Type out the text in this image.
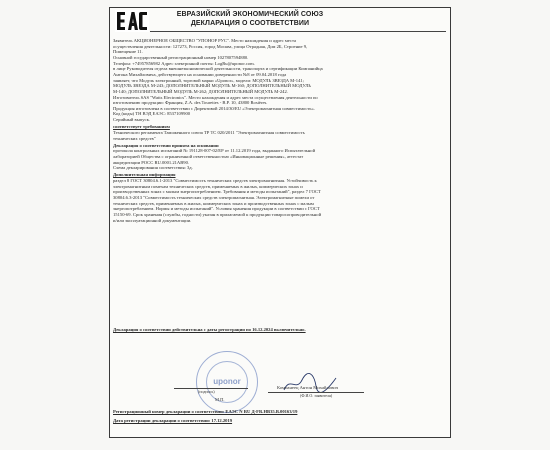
ЕВРАЗИЙСКИЙ ЭКОНОМИЧЕСКИЙ СОЮЗ
ДЕКЛАРАЦИЯ О СООТВЕТСТВИИ
Заявитель АКЦИОНЕРНОЕ ОБЩЕСТВО "УПОНОР РУС". Место нахождения и адрес места
осуществления деятельности: 127273, Россия, город Москва, улица Отрадная, Дом 2Б, Строение 9,
Помещение 11.
Основной государственный регистрационный номер 1027807594880.
Телефон: +74957856982 Адрес электронной почты: LogRu@uponor.com.
в лице Руководителя отдела внешнеэкономической деятельности, транспорта и сертификации Компанийца
Антона Михайловича, действующего на основании доверенности №8 от 09.04.2018 года
заявляет, что Модуль электронный, торговой марки «Uponor», модели: МОДУЛЬ ЗВЕЗДА М-141;
МОДУЛЬ ЗВЕЗДА М-243; ДОПОЛНИТЕЛЬНЫЙ МОДУЛЬ М-160; ДОПОЛНИТЕЛЬНЫЙ МОДУЛЬ
М-140; ДОПОЛНИТЕЛЬНЫЙ МОДУЛЬ М-262; ДОПОЛНИТЕЛЬНЫЙ МОДУЛЬ М-242.
Изготовитель SAS "Watts Electronics". Место нахождения и адрес места осуществления деятельности по
изготовлению продукции: Франция, Z.A. des Tourettes - B.P. 10, 43800 Rosières.
Продукция изготовлена в соответствии с Директивой 2014/30/EU «Электромагнитная совместимость».
Код (коды) ТН ВЭД ЕАЭС: 8537109900
Серийный выпуск.
соответствует требованиям
Технического регламента Таможенного союза ТР ТС 020/2011 "Электромагнитная совместимость
технических средств"
Декларация о соответствии принята на основании
протокола контрольных испытаний № 191128-007-02/ЕР от 11.12.2019 года, выданного Испытательной
лабораторией Общества с ограниченной ответственностью «Инновационные решения», аттестат
аккредитации РОСС RU.0001.21АВ90.
Схема декларирования соответствия: 3д.
Дополнительная информация
раздел 8 ГОСТ 30804.6.1-2013 "Совместимость технических средств электромагнитная. Устойчивость к
электромагнитным помехам технических средств, применяемых в жилых, коммерческих зонах и
производственных зонах с малым энергопотреблением. Требования и методы испытаний", раздел 7 ГОСТ
30804.6.3-2013 "Совместимость технических средств электромагнитная. Электромагнитные помехи от
технических средств, применяемых в жилых, коммерческих зонах и производственных зонах с малым
энергопотреблением. Нормы и методы испытаний". Условия хранения продукции в соответствии с ГОСТ
15150-69. Срок хранения (службы, годности) указан в прилагаемой к продукции товаросопроводительной
и/или эксплуатационной документации.
Декларация о соответствии действительна с даты регистрации по 16.12.2024 включительно.
uponor
(подпись)
М.П.
Компанеец Антон Михайлович
(Ф.И.О. заявителя)
Регистрационный номер декларации о соответствии: ЕАЭС N RU Д-FR.НВ35.В.00163/19
Дата регистрации декларации о соответствии: 17.12.2019
